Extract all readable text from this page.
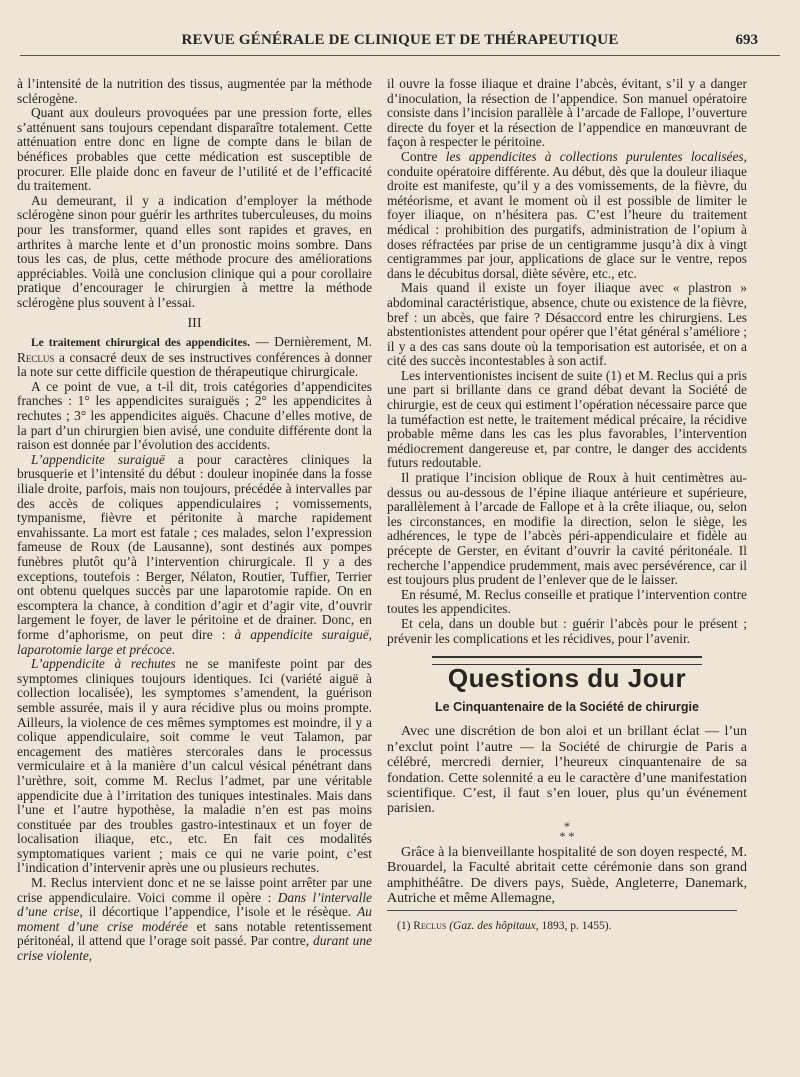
REVUE GÉNÉRALE DE CLINIQUE ET DE THÉRAPEUTIQUE	693

à l’intensité de la nutrition des tissus, augmentée par la méthode sclérogène.

Quant aux douleurs provoquées par une pression forte, elles s’atténuent sans toujours cependant disparaître totalement. Cette atténuation entre donc en ligne de compte dans le bilan de bénéfices probables que cette médication est susceptible de procurer. Elle plaide donc en faveur de l’utilité et de l’efficacité du traitement.

Au demeurant, il y a indication d’employer la méthode sclérogène sinon pour guérir les arthrites tuberculeuses, du moins pour les transformer, quand elles sont rapides et graves, en arthrites à marche lente et d’un pronostic moins sombre. Dans tous les cas, de plus, cette méthode procure des améliorations appréciables. Voilà une conclusion clinique qui a pour corollaire pratique d’encourager le chirurgien à mettre la méthode sclérogène plus souvent à l’essai.

III

Le traitement chirurgical des appendicites. — Dernièrement, M. Reclus a consacré deux de ses instructives conférences à donner la note sur cette difficile question de thérapeutique chirurgicale.

A ce point de vue, a t-il dit, trois catégories d’appendicites franches : 1° les appendicites suraiguës ; 2° les appendicites à rechutes ; 3° les appendicites aiguës. Chacune d’elles motive, de la part d’un chirurgien bien avisé, une conduite différente dont la raison est donnée par l’évolution des accidents.

L’appendicite suraiguë a pour caractères cliniques la brusquerie et l’intensité du début : douleur inopinée dans la fosse iliale droite, parfois, mais non toujours, précédée à intervalles par des accès de coliques appendiculaires ; vomissements, tympanisme, fièvre et péritonite à marche rapidement envahissante. La mort est fatale ; ces malades, selon l’expression fameuse de Roux (de Lausanne), sont destinés aux pompes funèbres plutôt qu’à l’intervention chirurgicale. Il y a des exceptions, toutefois : Berger, Nélaton, Routier, Tuffier, Terrier ont obtenu quelques succès par une laparotomie rapide. On en escomptera la chance, à condition d’agir et d’agir vite, d’ouvrir largement le foyer, de laver le péritoine et de drainer. Donc, en forme d’aphorisme, on peut dire : à appendicite suraiguë, laparotomie large et précoce.

L’appendicite à rechutes ne se manifeste point par des symptomes cliniques toujours identiques. Ici (variété aiguë à collection localisée), les symptomes s’amendent, la guérison semble assurée, mais il y aura récidive plus ou moins prompte. Ailleurs, la violence de ces mêmes symptomes est moindre, il y a colique appendiculaire, soit comme le veut Talamon, par encagement des matières stercorales dans le processus vermiculaire et à la manière d’un calcul vésical pénétrant dans l’urèthre, soit, comme M. Reclus l’admet, par une véritable appendicite due à l’irritation des tuniques intestinales. Mais dans l’une et l’autre hypothèse, la maladie n’en est pas moins constituée par des troubles gastro-intestinaux et un foyer de localisation iliaque, etc., etc. En fait ces modalités symptomatiques varient ; mais ce qui ne varie point, c’est l’indication d’intervenir après une ou plusieurs rechutes.

M. Reclus intervient donc et ne se laisse point arrêter par une crise appendiculaire. Voici comme il opère : Dans l’intervalle d’une crise, il décortique l’appendice, l’isole et le résèque. Au moment d’une crise modérée et sans notable retentissement péritonéal, il attend que l’orage soit passé. Par contre, durant une crise violente,

il ouvre la fosse iliaque et draine l’abcès, évitant, s’il y a danger d’inoculation, la résection de l’appendice. Son manuel opératoire consiste dans l’incision parallèle à l’arcade de Fallope, l’ouverture directe du foyer et la résection de l’appendice en manœuvrant de façon à respecter le péritoine.

Contre les appendicites à collections purulentes localisées, conduite opératoire différente. Au début, dès que la douleur iliaque droite est manifeste, qu’il y a des vomissements, de la fièvre, du météorisme, et avant le moment où il est possible de limiter le foyer iliaque, on n’hésitera pas. C’est l’heure du traitement médical : prohibition des purgatifs, administration de l’opium à doses réfractées par prise de un centigramme jusqu’à dix à vingt centigrammes par jour, applications de glace sur le ventre, repos dans le décubitus dorsal, diète sévère, etc., etc.

Mais quand il existe un foyer iliaque avec « plastron » abdominal caractéristique, absence, chute ou existence de la fièvre, bref : un abcès, que faire ? Désaccord entre les chirurgiens. Les abstentionistes attendent pour opérer que l’état général s’améliore ; il y a des cas sans doute où la temporisation est autorisée, et on a cité des succès incontestables à son actif.

Les interventionistes incisent de suite (1) et M. Reclus qui a pris une part si brillante dans ce grand débat devant la Société de chirurgie, est de ceux qui estiment l’opération nécessaire parce que la tuméfaction est nette, le traitement médical précaire, la récidive probable même dans les cas les plus favorables, l’intervention médiocrement dangereuse et, par contre, le danger des accidents futurs redoutable.

Il pratique l’incision oblique de Roux à huit centimètres au-dessus ou au-dessous de l’épine iliaque antérieure et supérieure, parallèlement à l’arcade de Fallope et à la crête iliaque, ou, selon les circonstances, en modifie la direction, selon le siège, les adhérences, le type de l’abcès péri-appendiculaire et fidèle au précepte de Gerster, en évitant d’ouvrir la cavité péritonéale. Il recherche l’appendice prudemment, mais avec persévérence, car il est toujours plus prudent de l’enlever que de le laisser.

En résumé, M. Reclus conseille et pratique l’intervention contre toutes les appendicites.

Et cela, dans un double but : guérir l’abcès pour le présent ; prévenir les complications et les récidives, pour l’avenir.

Questions du Jour
Le Cinquantenaire de la Société de chirurgie

Avec une discrétion de bon aloi et un brillant éclat — l’un n’exclut point l’autre — la Société de chirurgie de Paris a célébré, mercredi dernier, l’heureux cinquantenaire de sa fondation. Cette solennité a eu le caractère d’une manifestation scientifique. C’est, il faut s’en louer, plus qu’un événement parisien.

*
* *

Grâce à la bienveillante hospitalité de son doyen respecté, M. Brouardel, la Faculté abritait cette cérémonie dans son grand amphithéâtre. De divers pays, Suède, Angleterre, Danemark, Autriche et même Allemagne,

(1) Reclus (Gaz. des hôpitaux, 1893, p. 1455).
